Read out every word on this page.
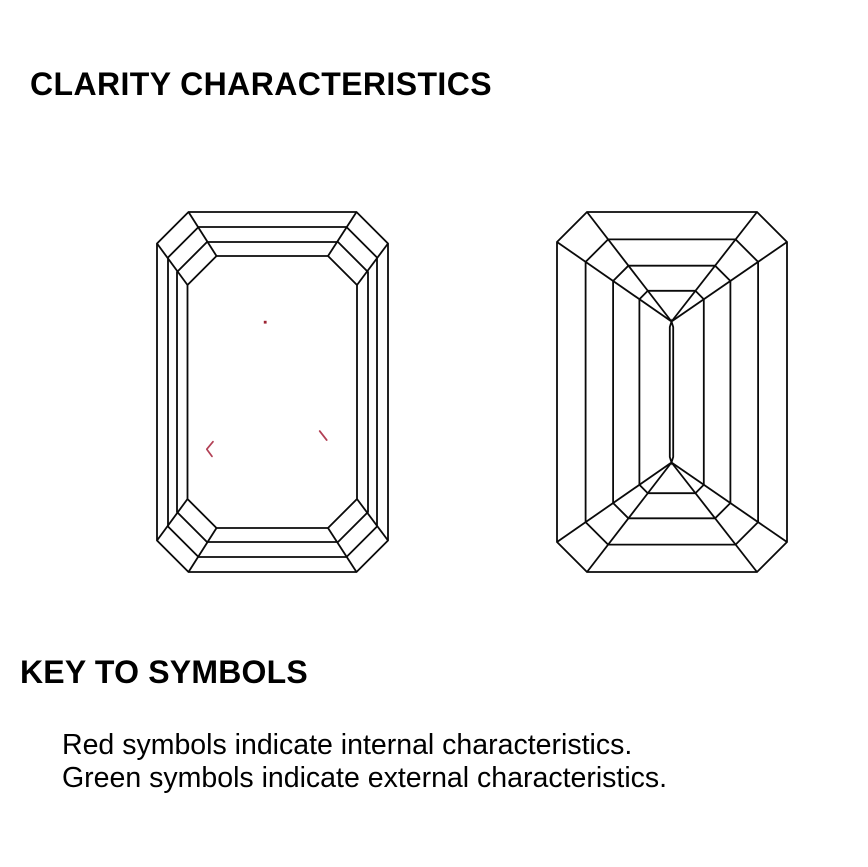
CLARITY CHARACTERISTICS
KEY TO SYMBOLS
Red symbols indicate internal characteristics.
Green symbols indicate external characteristics.
